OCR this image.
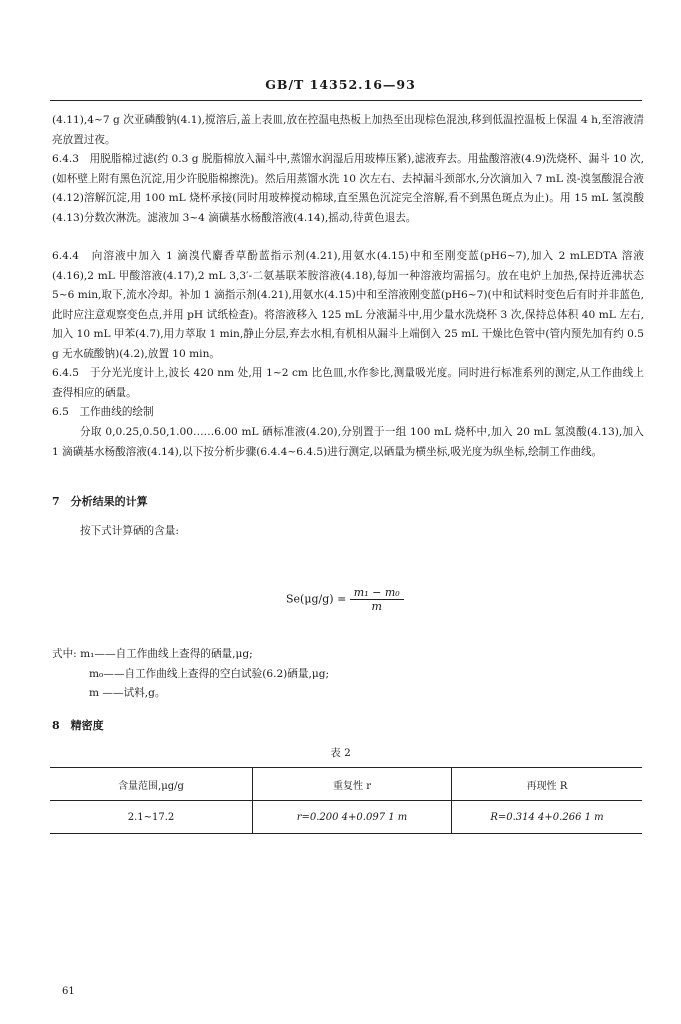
GB/T 14352.16—93

(4.11),4~7 g 次亚磷酸钠(4.1),搅溶后,盖上表皿,放在控温电热板上加热至出现棕色混浊,移到低温控温板上保温 4 h,至溶液清亮放置过夜。

6.4.3　用脱脂棉过滤(约 0.3 g 脱脂棉放入漏斗中,蒸馏水润湿后用玻棒压紧),滤液弃去。用盐酸溶液(4.9)洗烧杯、漏斗 10 次,(如杯壁上附有黑色沉淀,用少许脱脂棉擦洗)。然后用蒸馏水洗 10 次左右、去掉漏斗颈部水,分次滴加入 7 mL 溴-溴氢酸混合液(4.12)溶解沉淀,用 100 mL 烧杯承接(同时用玻棒搅动棉球,直至黑色沉淀完全溶解,看不到黑色斑点为止)。用 15 mL 氢溴酸(4.13)分数次淋洗。滤液加 3~4 滴磺基水杨酸溶液(4.14),摇动,待黄色退去。

6.4.4　向溶液中加入 1 滴溴代麝香草酚蓝指示剂(4.21),用氨水(4.15)中和至刚变蓝(pH6~7),加入 2 mLEDTA 溶液(4.16),2 mL 甲酸溶液(4.17),2 mL 3,3′-二氨基联苯胺溶液(4.18),每加一种溶液均需摇匀。放在电炉上加热,保持近沸状态 5~6 min,取下,流水冷却。补加 1 滴指示剂(4.21),用氨水(4.15)中和至溶液刚变蓝(pH6~7)(中和试料时变色后有时并非蓝色,此时应注意观察变色点,并用 pH 试纸检查)。将溶液移入 125 mL 分液漏斗中,用少量水洗烧杯 3 次,保持总体积 40 mL 左右,加入 10 mL 甲苯(4.7),用力萃取 1 min,静止分层,弃去水相,有机相从漏斗上端倒入 25 mL 干燥比色管中(管内预先加有约 0.5 g 无水硫酸钠)(4.2),放置 10 min。

6.4.5　于分光光度计上,波长 420 nm 处,用 1~2 cm 比色皿,水作参比,测量吸光度。同时进行标准系列的测定,从工作曲线上查得相应的硒量。

6.5　工作曲线的绘制

分取 0,0.25,0.50,1.00……6.00 mL 硒标准液(4.20),分别置于一组 100 mL 烧杯中,加入 20 mL 氢溴酸(4.13),加入 1 滴磺基水杨酸溶液(4.14),以下按分析步骤(6.4.4~6.4.5)进行测定,以硒量为横坐标,吸光度为纵坐标,绘制工作曲线。

7　分析结果的计算

按下式计算硒的含量:

$Se(\mu g/g) = \frac{\text{m₁ − m₀}}{m}$

式中: m₁——自工作曲线上查得的硒量,μg;

m₀——自工作曲线上查得的空白试验(6.2)硒量,μg;

m ——试料,g。

8　精密度
表 2
含量范围,μg/g	重复性 r	再现性 R
2.1~17.2	r=0.200 4+0.097 1 m	R=0.314 4+0.266 1 m
61
